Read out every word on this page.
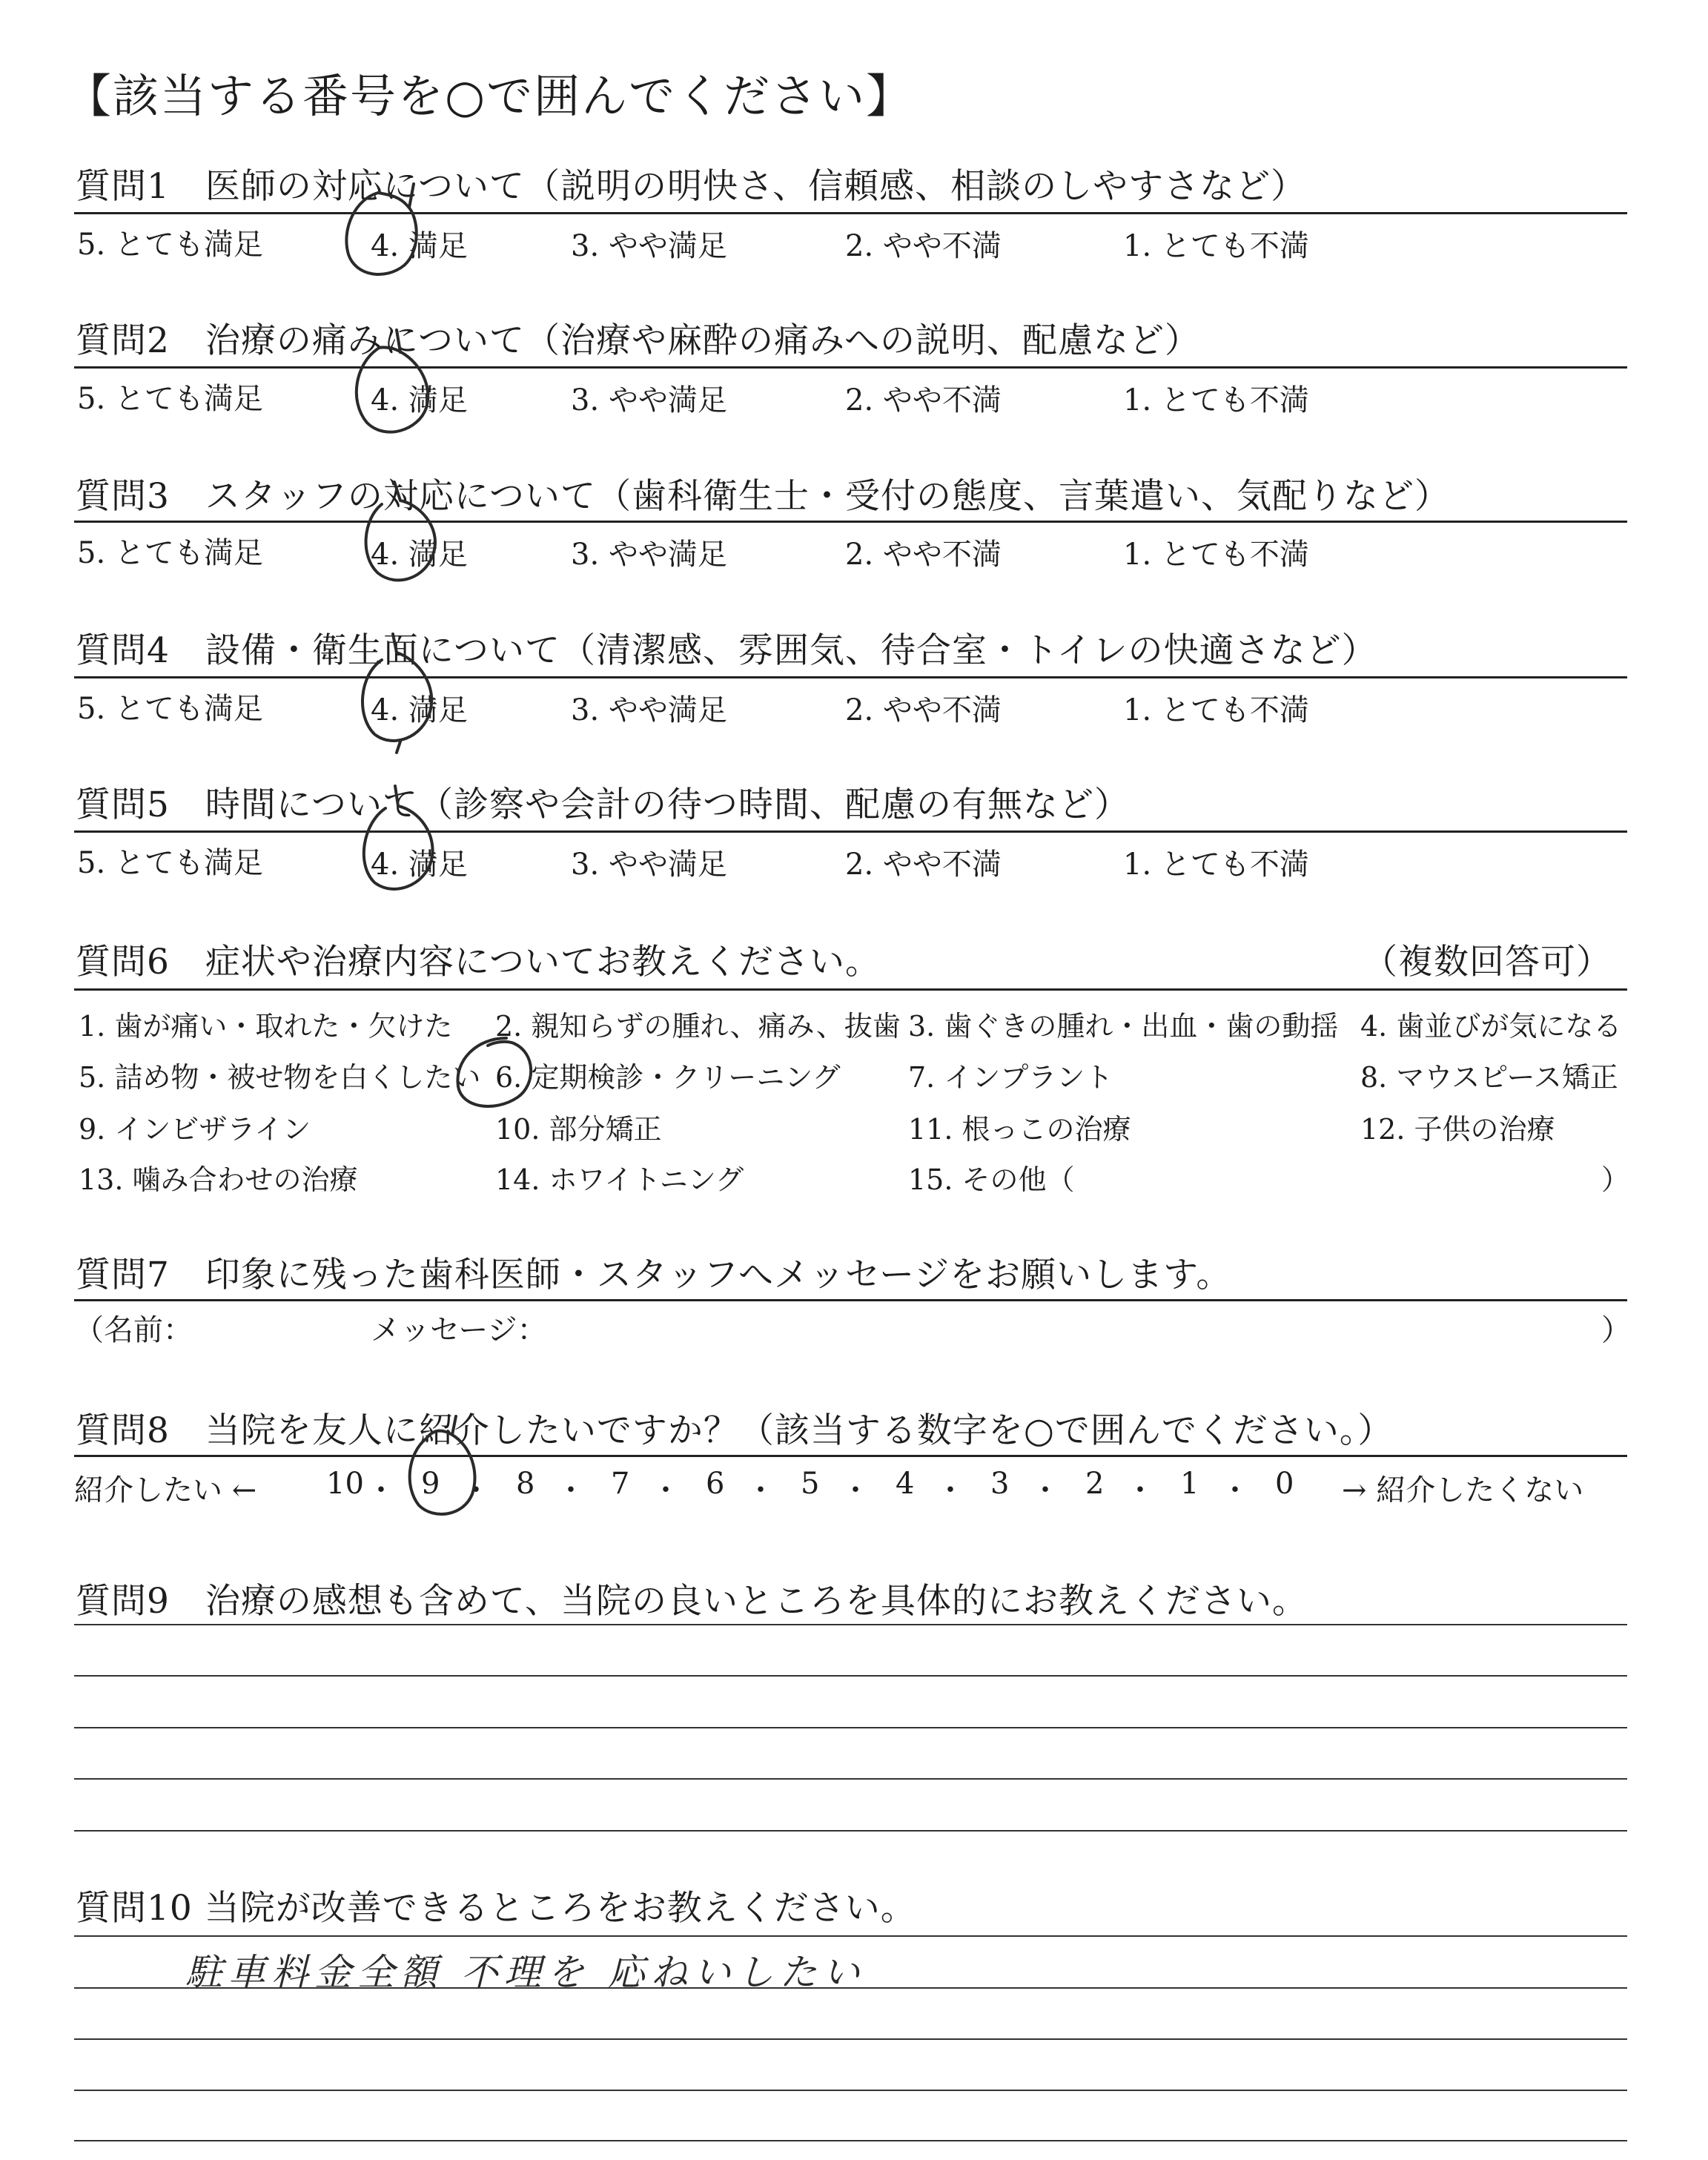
【該当する番号を○で囲んでください】
質問1　医師の対応について（説明の明快さ、信頼感、相談のしやすさなど）
5. とても満足	4. 満足	3. やや満足	2. やや不満	1. とても不満
質問2　治療の痛みについて（治療や麻酔の痛みへの説明、配慮など）
5. とても満足	4. 満足	3. やや満足	2. やや不満	1. とても不満
質問3　スタッフの対応について（歯科衛生士・受付の態度、言葉遣い、気配りなど）
5. とても満足	4. 満足	3. やや満足	2. やや不満	1. とても不満
質問4　設備・衛生面について（清潔感、雰囲気、待合室・トイレの快適さなど）
5. とても満足	4. 満足	3. やや満足	2. やや不満	1. とても不満
質問5　時間について（診察や会計の待つ時間、配慮の有無など）
5. とても満足	4. 満足	3. やや満足	2. やや不満	1. とても不満
質問6　症状や治療内容についてお教えください。	（複数回答可）
1. 歯が痛い・取れた・欠けた 2. 親知らずの腫れ、痛み、抜歯 3. 歯ぐきの腫れ・出血・歯の動揺 4. 歯並びが気になる
5. 詰め物・被せ物を白くしたい 6. 定期検診・クリーニング 7. インプラント	8. マウスピース矯正
9. インビザライン	10. 部分矯正	11. 根っこの治療	12. 子供の治療
13. 噛み合わせの治療	14. ホワイトニング	15. その他（	）
質問7　印象に残った歯科医師・スタッフへメッセージをお願いします。
（名前：	メッセージ：	）
質問8　当院を友人に紹介したいですか？（該当する数字を○で囲んでください。）
紹介したい ← 10 ・ 9 ・ 8 ・ 7 ・ 6 ・ 5 ・ 4 ・ 3 ・ 2 ・ 1 ・ 0 → 紹介したくない
質問9　治療の感想も含めて、当院の良いところを具体的にお教えください。
質問10 当院が改善できるところをお教えください。
駐車料金全額 不理を 応ねいしたい
